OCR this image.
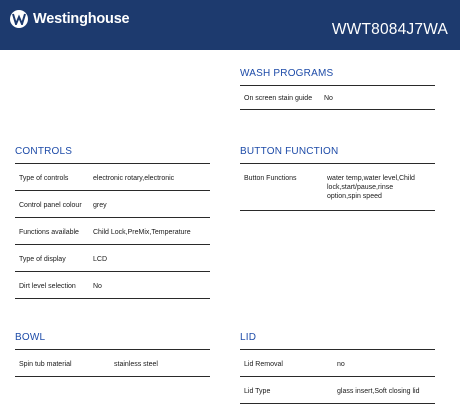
Westinghouse
WWT8084J7WA
WASH PROGRAMS
On screen stain guide	No
CONTROLS
Type of controls	electronic rotary,electronic
Control panel colour	grey
Functions available	Child Lock,PreMix,Temperature
Type of display	LCD
Dirt level selection	No
BUTTON FUNCTION
Button Functions	water temp,water level,Child lock,start/pause,rinse option,spin speed
BOWL
Spin tub material	stainless steel
LID
Lid Removal	no
Lid Type	glass insert,Soft closing lid
